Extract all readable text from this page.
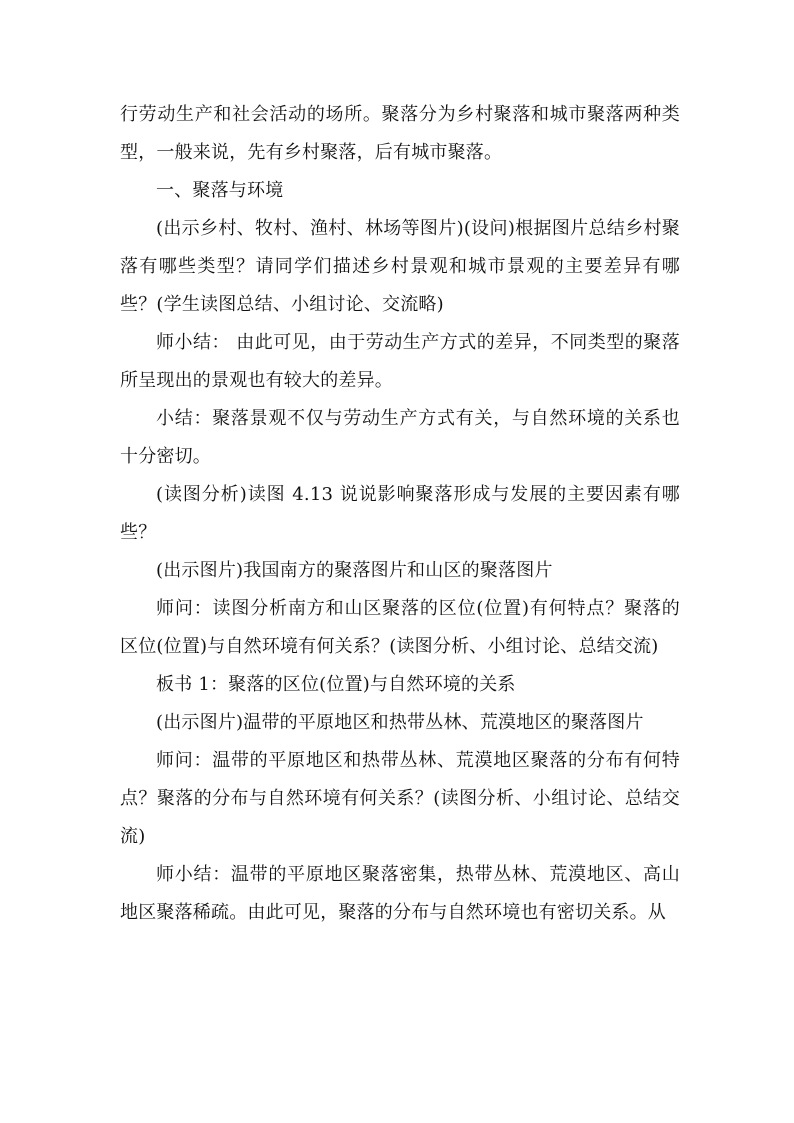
行劳动生产和社会活动的场所。聚落分为乡村聚落和城市聚落两种类型，一般来说，先有乡村聚落，后有城市聚落。

一、聚落与环境

(出示乡村、牧村、渔村、林场等图片)(设问)根据图片总结乡村聚落有哪些类型？请同学们描述乡村景观和城市景观的主要差异有哪些？(学生读图总结、小组讨论、交流略)

师小结： 由此可见，由于劳动生产方式的差异，不同类型的聚落所呈现出的景观也有较大的差异。

小结：聚落景观不仅与劳动生产方式有关，与自然环境的关系也十分密切。

(读图分析)读图 4.13 说说影响聚落形成与发展的主要因素有哪些？

(出示图片)我国南方的聚落图片和山区的聚落图片

师问：读图分析南方和山区聚落的区位(位置)有何特点？聚落的区位(位置)与自然环境有何关系？(读图分析、小组讨论、总结交流)

板书 1：聚落的区位(位置)与自然环境的关系

(出示图片)温带的平原地区和热带丛林、荒漠地区的聚落图片

师问：温带的平原地区和热带丛林、荒漠地区聚落的分布有何特点？聚落的分布与自然环境有何关系？(读图分析、小组讨论、总结交流)

师小结：温带的平原地区聚落密集，热带丛林、荒漠地区、高山地区聚落稀疏。由此可见，聚落的分布与自然环境也有密切关系。从
